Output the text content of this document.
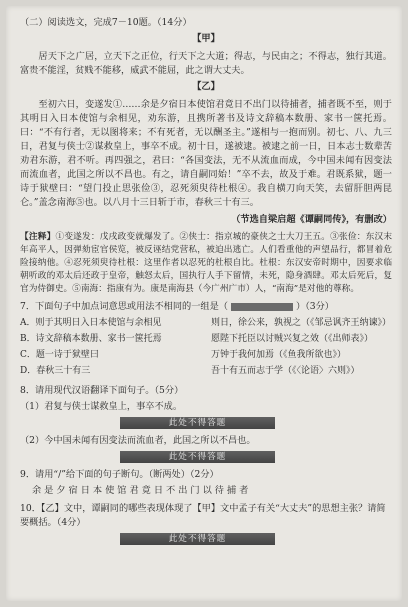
（二）阅读选文，完成7－10题。（14分）
【甲】

居天下之广居，立天下之正位，行天下之大道；得志，与民由之；不得志，独行其道。富贵不能淫，贫贱不能移，威武不能屈，此之谓大丈夫。

【乙】

至初六日，变遂发①……余是夕宿日本使馆君竟日不出门以待捕者，捕者既不至，则于其明日入日本使馆与余相见，劝东游，且携所著书及诗文辞稿本数册、家书一箧托焉。曰：“不有行者，无以图将来；不有死者，无以酬圣主。”遂相与一抱而别。初七、八、九三日，君复与侠士②谋救皇上，事卒不成。初十日，遂被逮。被逮之前一日，日本志士数辈苦劝君东游，君不听。再四强之，君曰：“各国变法，无不从流血而成，今中国未闻有因变法而流血者，此国之所以不昌也。有之，请自嗣同始！”卒不去，故及于难。君既系狱，题一诗于狱壁曰：“望门投止思张俭③，忍死须臾待杜根④。我自横刀向天笑，去留肝胆两昆仑。”盖念南海⑤也。以八月十三日斩于市，春秋三十有三。

（节选自梁启超《谭嗣同传》，有删改）

【注释】①变遂发：戊戌政变就爆发了。②侠士：指京城的豪侠之士大刀王五。③张俭：东汉末年高平人，因弹劾宦官侯览，被反诬结党营私，被迫出逃亡。人们看重他的声望品行，都冒着危险接纳他。④忍死须臾待杜根：这里作者以忍死的杜根自比。杜根：东汉安帝时期中，因要求临朝听政的邓太后还政于皇帝，触怒太后，国执行人手下留情，未死，隐身酒肆。邓太后死后，复官为侍御史。⑤南海：指康有为。康是南海县（今广州广市）人，“南海”是对他的尊称。

7．下面句子中加点词意思或用法不相同的一组是（	）（3分）
A．则于其明日入日本使馆与余相见	则日，徐公来，孰视之（《邹忌讽齐王纳谏》）
B．诗文辞稿本数册、家书一箧托焉	愿陛下托臣以讨贼兴复之效（《出师表》）
C．题一诗于狱壁曰	万钟于我何加焉（《鱼我所欲也》）
D．春秋三十有三	吾十有五而志于学（《〈论语〉六则》）
8．请用现代汉语翻译下面句子。（5分）
（1）君复与侠士谋救皇上，事卒不成。
此处不得答题
（2）今中国未闻有因变法而流血者，此国之所以不昌也。
此处不得答题
9．请用“/”给下面的句子断句。（断两处）（2分）
余是夕宿日本使馆君竟日不出门以待捕者
10．【乙】文中，谭嗣同的哪些表现体现了【甲】文中孟子有关“大丈夫”的思想主张？请简要概括。（4分）
此处不得答题
